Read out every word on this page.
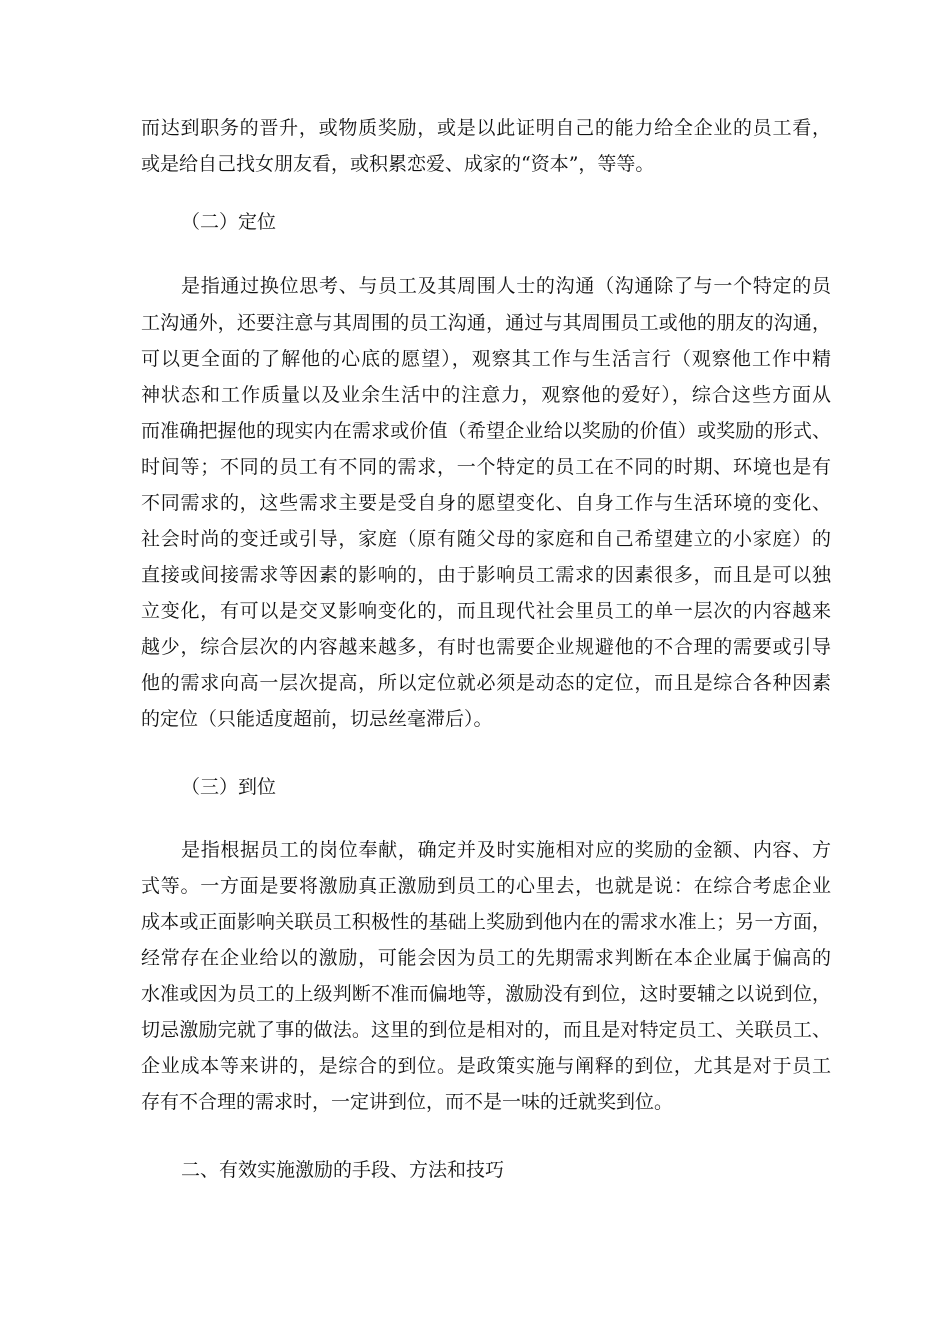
而达到职务的晋升，或物质奖励，或是以此证明自己的能力给全企业的员工看，
或是给自己找女朋友看，或积累恋爱、成家的“资本”，等等。
（二）定位
是指通过换位思考、与员工及其周围人士的沟通（沟通除了与一个特定的员
工沟通外，还要注意与其周围的员工沟通，通过与其周围员工或他的朋友的沟通，
可以更全面的了解他的心底的愿望），观察其工作与生活言行（观察他工作中精
神状态和工作质量以及业余生活中的注意力，观察他的爱好），综合这些方面从
而准确把握他的现实内在需求或价值（希望企业给以奖励的价值）或奖励的形式、
时间等；不同的员工有不同的需求，一个特定的员工在不同的时期、环境也是有
不同需求的，这些需求主要是受自身的愿望变化、自身工作与生活环境的变化、
社会时尚的变迁或引导，家庭（原有随父母的家庭和自己希望建立的小家庭）的
直接或间接需求等因素的影响的，由于影响员工需求的因素很多，而且是可以独
立变化，有可以是交叉影响变化的，而且现代社会里员工的单一层次的内容越来
越少，综合层次的内容越来越多，有时也需要企业规避他的不合理的需要或引导
他的需求向高一层次提高，所以定位就必须是动态的定位，而且是综合各种因素
的定位（只能适度超前，切忌丝毫滞后）。
（三）到位
是指根据员工的岗位奉献，确定并及时实施相对应的奖励的金额、内容、方
式等。一方面是要将激励真正激励到员工的心里去，也就是说：在综合考虑企业
成本或正面影响关联员工积极性的基础上奖励到他内在的需求水准上；另一方面，
经常存在企业给以的激励，可能会因为员工的先期需求判断在本企业属于偏高的
水准或因为员工的上级判断不准而偏地等，激励没有到位，这时要辅之以说到位，
切忌激励完就了事的做法。这里的到位是相对的，而且是对特定员工、关联员工、
企业成本等来讲的，是综合的到位。是政策实施与阐释的到位，尤其是对于员工
存有不合理的需求时，一定讲到位，而不是一味的迁就奖到位。
二、有效实施激励的手段、方法和技巧
